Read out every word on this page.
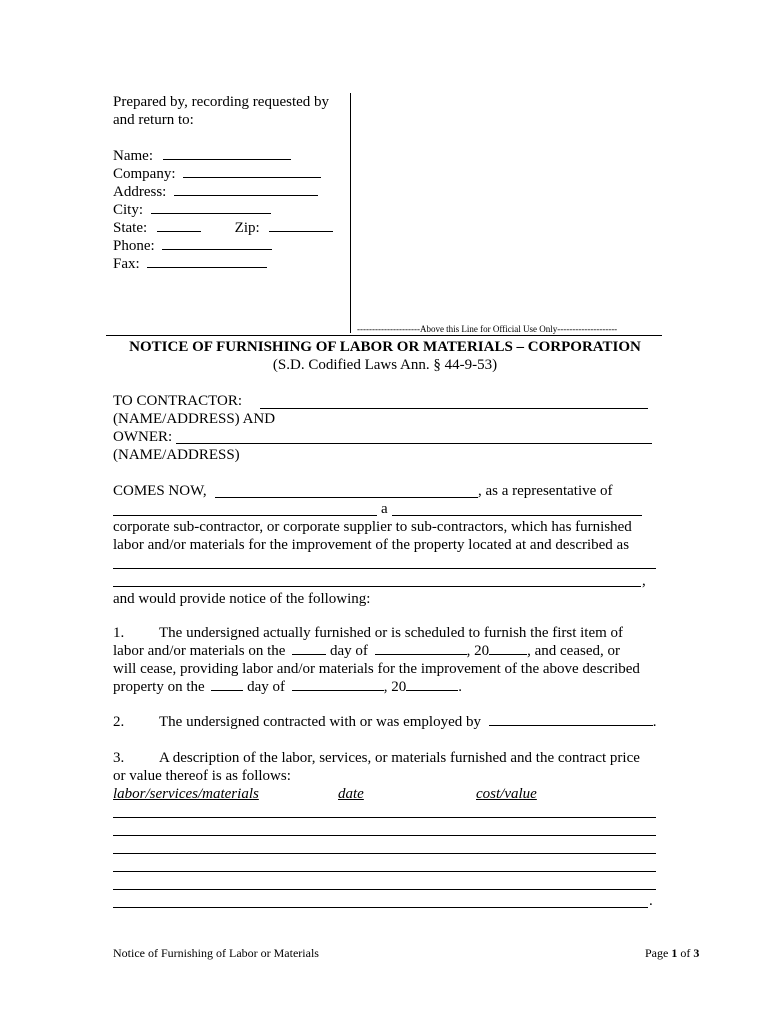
Prepared by, recording requested by
and return to:
Name:
Company:
Address:
City:
State:	Zip:
Phone:
Fax:
---------------------Above this Line for Official Use Only--------------------
NOTICE OF FURNISHING OF LABOR OR MATERIALS – CORPORATION
(S.D. Codified Laws Ann. § 44-9-53)
TO CONTRACTOR:
(NAME/ADDRESS) AND
OWNER:
(NAME/ADDRESS)
COMES NOW,	, as a representative of
a
corporate sub-contractor, or corporate supplier to sub-contractors, which has furnished
labor and/or materials for the improvement of the property located at and described as
,
and would provide notice of the following:
1. The undersigned actually furnished or is scheduled to furnish the first item of
labor and/or materials on the	day of	, 20	, and ceased, or
will cease, providing labor and/or materials for the improvement of the above described
property on the	day of	, 20	.
2. The undersigned contracted with or was employed by	.
3. A description of the labor, services, or materials furnished and the contract price
or value thereof is as follows:
labor/services/materials	date	cost/value
.
Notice of Furnishing of Labor or Materials	Page 1 of 3
